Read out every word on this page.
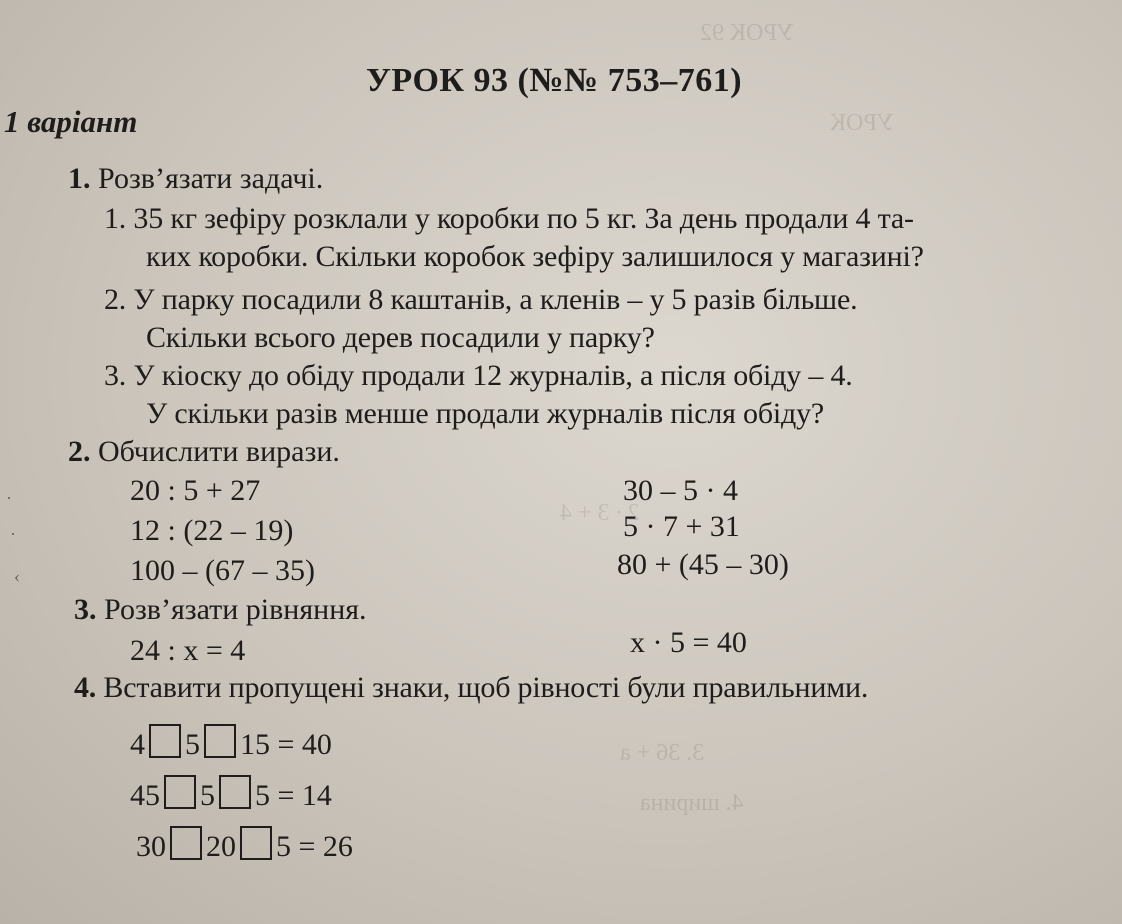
УРОК 92
УРОК
2 ∙ 3 + 4
3. 36 + a
4. ширина
·
·
‹
УРОК 93 (№№ 753–761)
1 варіант
1. Розв’язати задачі.
1. 35 кг зефіру розклали у коробки по 5 кг. За день продали 4 та-
ких коробки. Скільки коробок зефіру залишилося у магазині?
2. У парку посадили 8 каштанів, а кленів – у 5 разів більше.
Скільки всього дерев посадили у парку?
3. У кіоску до обіду продали 12 журналів, а після обіду – 4.
У скільки разів менше продали журналів після обіду?
2. Обчислити вирази.
20 : 5 + 27
12 : (22 – 19)
100 – (67 – 35)
30 – 5 · 4
5 · 7 + 31
80 + (45 – 30)
3. Розв’язати рівняння.
24 : x = 4	x · 5 = 40
4. Вставити пропущені знаки, щоб рівності були правильними.
4 5 15 = 40
45 5 5 = 14
30 20 5 = 26
